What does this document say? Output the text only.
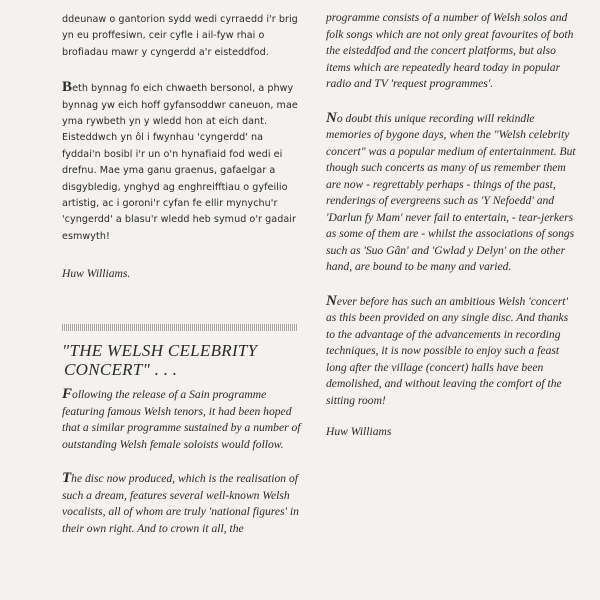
ddeunaw o gantorion sydd wedi cyrraedd i'r brig yn eu proffesiwn, ceir cyfle i ail-fyw rhai o brofiadau mawr y cyngerdd a'r eisteddfod.

Beth bynnag fo eich chwaeth bersonol, a phwy bynnag yw eich hoff gyfansoddwr caneuon, mae yma rywbeth yn y wledd hon at eich dant. Eisteddwch yn ôl i fwynhau 'cyngerdd' na fyddai'n bosibl i'r un o'n hynafiaid fod wedi ei drefnu. Mae yma ganu graenus, gafaelgar a disgybledig, ynghyd ag enghreifftiau o gyfeilio artistig, ac i goroni'r cyfan fe ellir mynychu'r 'cyngerdd' a blasu'r wledd heb symud o'r gadair esmwyth!

Huw Williams.

"THE WELSH CELEBRITY
CONCERT" . . .

Following the release of a Sain programme featuring famous Welsh tenors, it had been hoped that a similar programme sustained by a number of outstanding Welsh female soloists would follow.

The disc now produced, which is the realisation of such a dream, features several well-known Welsh vocalists, all of whom are truly 'national figures' in their own right. And to crown it all, the

programme consists of a number of Welsh solos and folk songs which are not only great favourites of both the eisteddfod and the concert platforms, but also items which are repeatedly heard today in popular radio and TV 'request programmes'.

No doubt this unique recording will rekindle memories of bygone days, when the "Welsh celebrity concert" was a popular medium of entertainment. But though such concerts as many of us remember them are now - regrettably perhaps - things of the past, renderings of evergreens such as 'Y Nefoedd' and 'Darlun fy Mam' never fail to entertain, - tear-jerkers as some of them are - whilst the associations of songs such as 'Suo Gân' and 'Gwlad y Delyn' on the other hand, are bound to be many and varied.

Never before has such an ambitious Welsh 'concert' as this been provided on any single disc. And thanks to the advantage of the advancements in recording techniques, it is now possible to enjoy such a feast long after the village (concert) halls have been demolished, and without leaving the comfort of the sitting room!

Huw Williams
